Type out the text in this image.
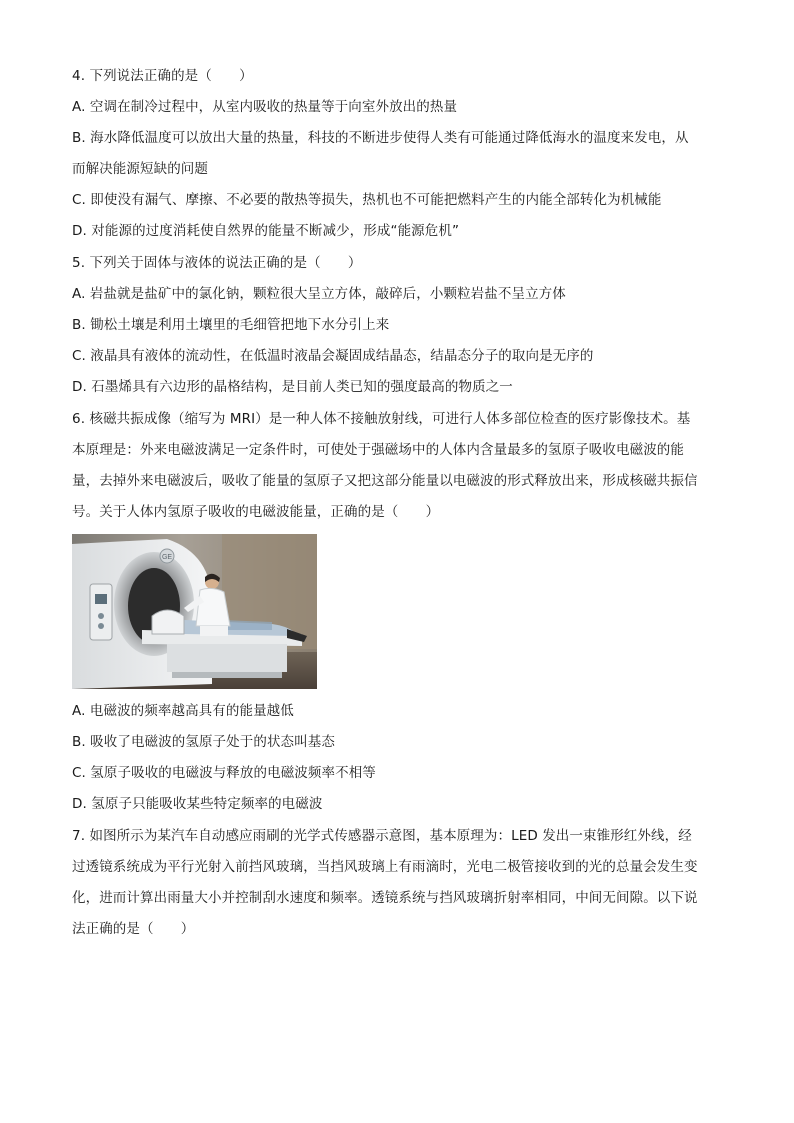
4. 下列说法正确的是（　　）
A. 空调在制冷过程中，从室内吸收的热量等于向室外放出的热量
B. 海水降低温度可以放出大量的热量，科技的不断进步使得人类有可能通过降低海水的温度来发电，从
而解决能源短缺的问题
C. 即使没有漏气、摩擦、不必要的散热等损失，热机也不可能把燃料产生的内能全部转化为机械能
D. 对能源的过度消耗使自然界的能量不断减少，形成“能源危机”
5. 下列关于固体与液体的说法正确的是（　　）
A. 岩盐就是盐矿中的氯化钠，颗粒很大呈立方体，敲碎后，小颗粒岩盐不呈立方体
B. 锄松土壤是利用土壤里的毛细管把地下水分引上来
C. 液晶具有液体的流动性，在低温时液晶会凝固成结晶态，结晶态分子的取向是无序的
D. 石墨烯具有六边形的晶格结构，是目前人类已知的强度最高的物质之一
6. 核磁共振成像（缩写为 MRI）是一种人体不接触放射线，可进行人体多部位检查的医疗影像技术。基
本原理是：外来电磁波满足一定条件时，可使处于强磁场中的人体内含量最多的氢原子吸收电磁波的能
量，去掉外来电磁波后，吸收了能量的氢原子又把这部分能量以电磁波的形式释放出来，形成核磁共振信
号。关于人体内氢原子吸收的电磁波能量，正确的是（　　）
GE
A. 电磁波的频率越高具有的能量越低
B. 吸收了电磁波的氢原子处于的状态叫基态
C. 氢原子吸收的电磁波与释放的电磁波频率不相等
D. 氢原子只能吸收某些特定频率的电磁波
7. 如图所示为某汽车自动感应雨刷的光学式传感器示意图，基本原理为：LED 发出一束锥形红外线，经
过透镜系统成为平行光射入前挡风玻璃，当挡风玻璃上有雨滴时，光电二极管接收到的光的总量会发生变
化，进而计算出雨量大小并控制刮水速度和频率。透镜系统与挡风玻璃折射率相同，中间无间隙。以下说
法正确的是（　　）
